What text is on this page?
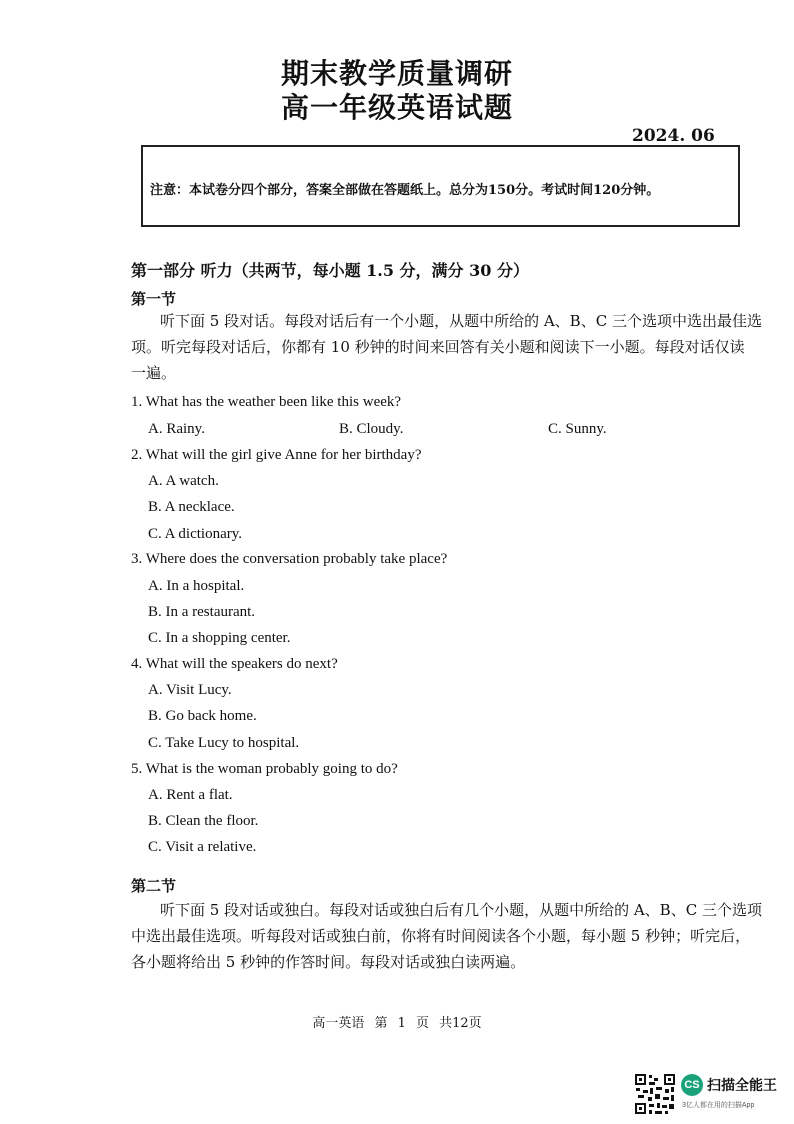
期末教学质量调研
高一年级英语试题
2024. 06
注意：本试卷分四个部分，答案全部做在答题纸上。总分为150分。考试时间120分钟。
第一部分 听力（共两节，每小题 1.5 分，满分 30 分）
第一节
听下面 5 段对话。每段对话后有一个小题，从题中所给的 A、B、C 三个选项中选出最佳选
项。听完每段对话后，你都有 10 秒钟的时间来回答有关小题和阅读下一小题。每段对话仅读
一遍。
1. What has the weather been like this week?
A. Rainy.	B. Cloudy.	C. Sunny.
2. What will the girl give Anne for her birthday?
A. A watch.
B. A necklace.
C. A dictionary.
3. Where does the conversation probably take place?
A. In a hospital.
B. In a restaurant.
C. In a shopping center.
4. What will the speakers do next?
A. Visit Lucy.
B. Go back home.
C. Take Lucy to hospital.
5. What is the woman probably going to do?
A. Rent a flat.
B. Clean the floor.
C. Visit a relative.
第二节
听下面 5 段对话或独白。每段对话或独白后有几个小题，从题中所给的 A、B、C 三个选项
中选出最佳选项。听每段对话或独白前，你将有时间阅读各个小题，每小题 5 秒钟；听完后，
各小题将给出 5 秒钟的作答时间。每段对话或独白读两遍。
高一英语 第 1 页 共12页
CS 扫描全能王
3亿人都在用的扫描App
